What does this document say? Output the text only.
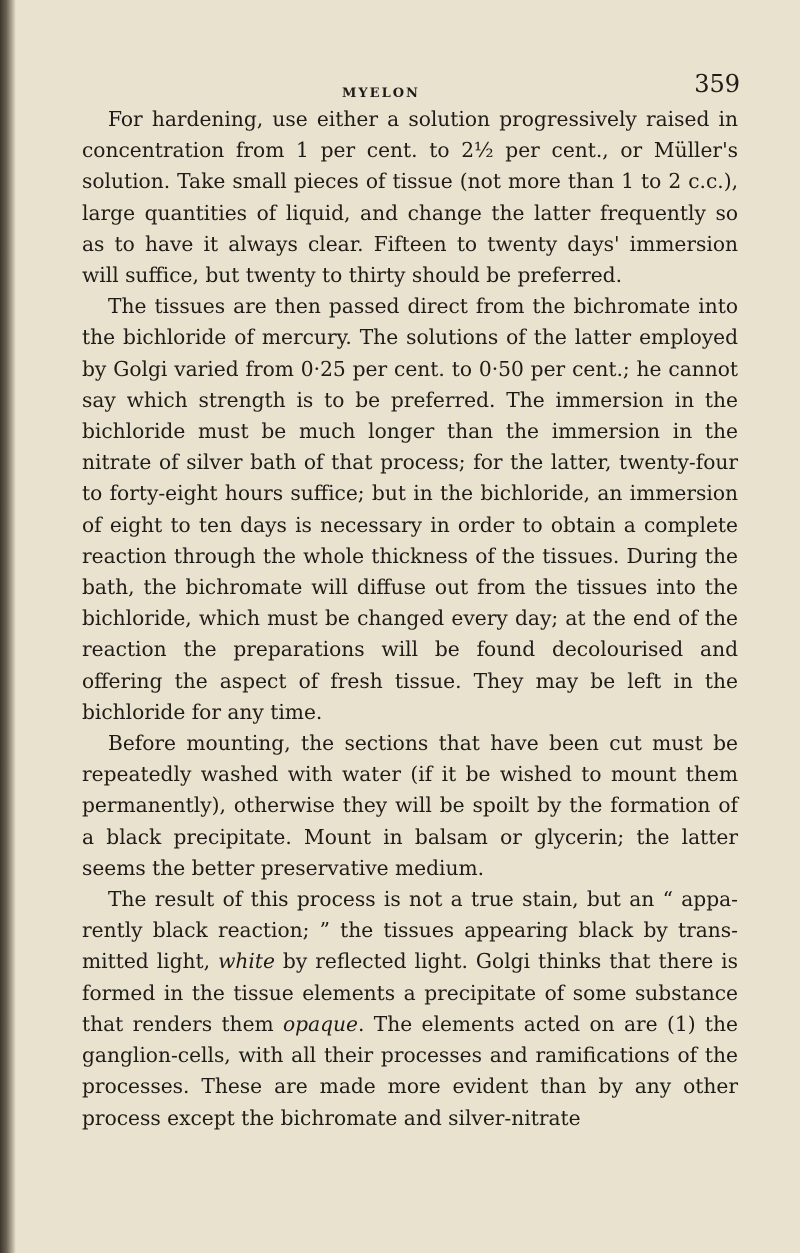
MYELON	359

For hardening, use either a solution progressively raised in concentration from 1 per cent. to 2½ per cent., or Müller's solution. Take small pieces of tissue (not more than 1 to 2 c.c.), large quantities of liquid, and change the latter frequently so as to have it always clear. Fifteen to twenty days' immersion will suffice, but twenty to thirty should be preferred.

The tissues are then passed direct from the bichromate into the bichloride of mercury. The solutions of the latter employed by Golgi varied from 0·25 per cent. to 0·50 per cent.; he cannot say which strength is to be preferred. The immersion in the bichloride must be much longer than the immersion in the nitrate of silver bath of that process; for the latter, twenty-four to forty-eight hours suffice; but in the bichloride, an immersion of eight to ten days is necessary in order to obtain a complete reaction through the whole thickness of the tissues. During the bath, the bichromate will diffuse out from the tissues into the bichloride, which must be changed every day; at the end of the reaction the preparations will be found decolourised and offering the aspect of fresh tissue. They may be left in the bichloride for any time.

Before mounting, the sections that have been cut must be repeatedly washed with water (if it be wished to mount them permanently), otherwise they will be spoilt by the formation of a black precipitate. Mount in balsam or glycerin; the latter seems the better preservative medium.

The result of this process is not a true stain, but an “ apparently black reaction; ” the tissues appearing black by transmitted light, white by reflected light. Golgi thinks that there is formed in the tissue elements a precipitate of some substance that renders them opaque. The elements acted on are (1) the ganglion-cells, with all their processes and ramifications of the processes. These are made more evident than by any other process except the bichromate and silver-nitrate
